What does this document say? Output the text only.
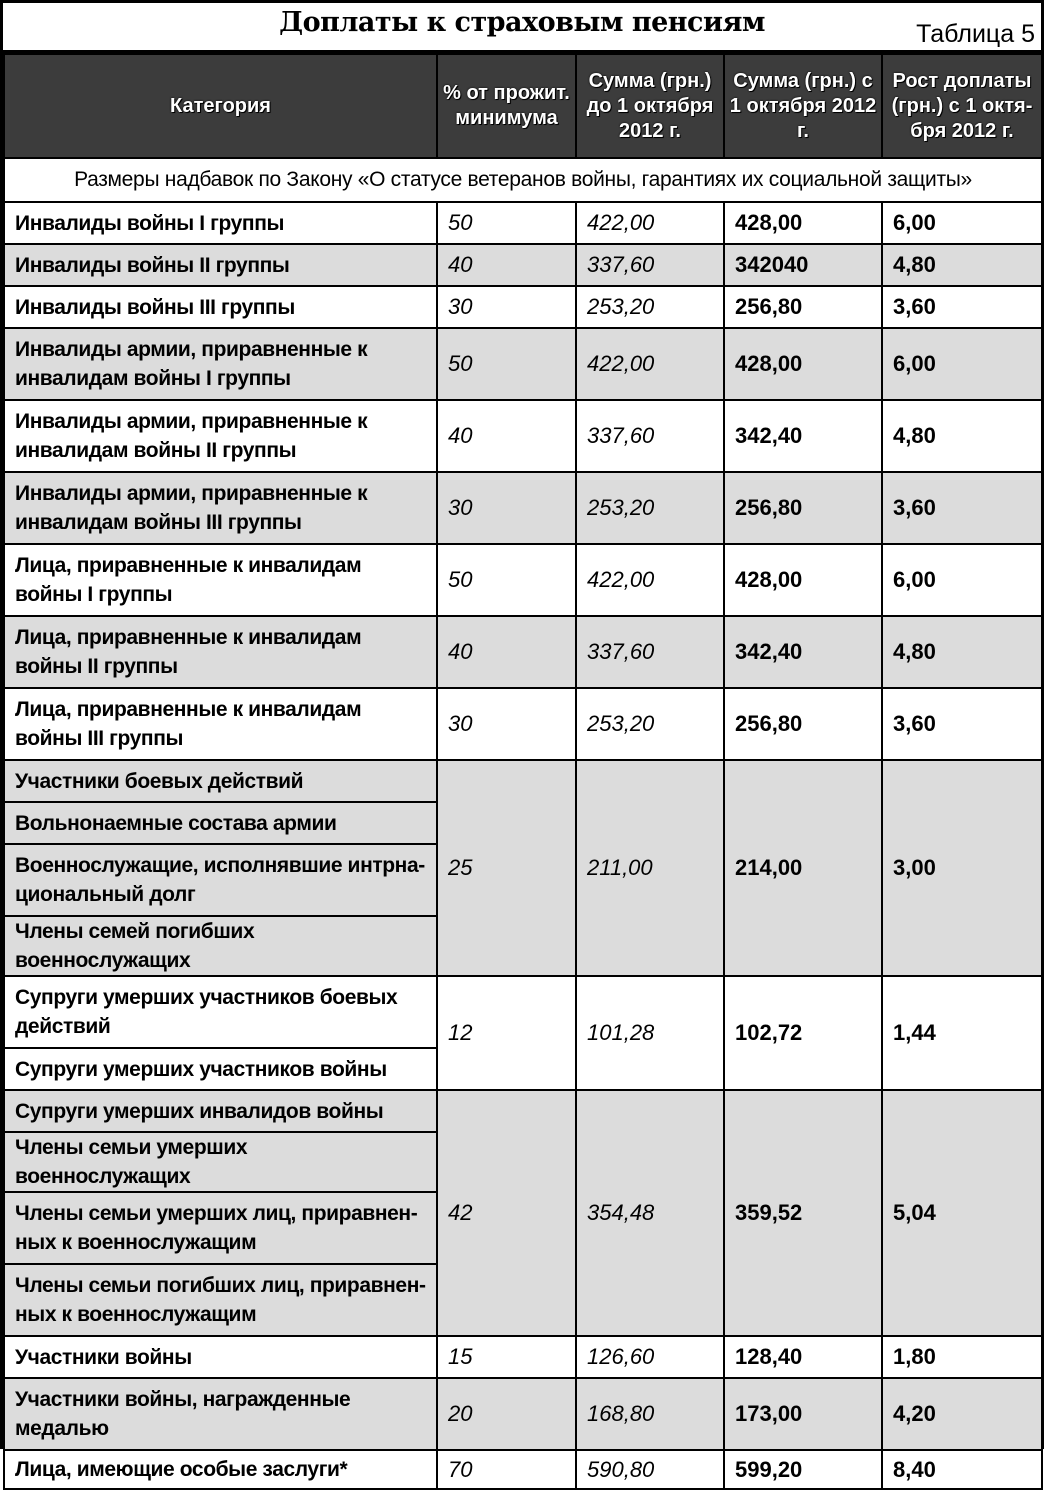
Доплаты к страховым пенсиям	Таблица 5
Категория	% от прожит. минимума	Сумма (грн.) до 1 октября 2012 г.	Сумма (грн.) с 1 октября 2012 г.	Рост доплаты (грн.) с 1 октя-бря 2012 г.
Размеры надбавок по Закону «О статусе ветеранов войны, гарантиях их социальной защиты»				
Инвалиды войны I группы	50	422,00	428,00	6,00
Инвалиды войны II группы	40	337,60	342040	4,80
Инвалиды войны III группы	30	253,20	256,80	3,60
Инвалиды армии, приравненные к инвалидам войны I группы	50	422,00	428,00	6,00
Инвалиды армии, приравненные к инвалидам войны II группы	40	337,60	342,40	4,80
Инвалиды армии, приравненные к инвалидам войны III группы	30	253,20	256,80	3,60
Лица, приравненные к инвалидам войны I группы	50	422,00	428,00	6,00
Лица, приравненные к инвалидам войны II группы	40	337,60	342,40	4,80
Лица, приравненные к инвалидам войны III группы	30	253,20	256,80	3,60
Участники боевых действий	25	211,00	214,00	3,00
Вольнонаемные состава армии				
Военнослужащие, исполнявшие интрна-циональный долг				
Члены семей погибших военнослужащих				
Супруги умерших участников боевых действий	12	101,28	102,72	1,44
Супруги умерших участников войны				
Супруги умерших инвалидов войны	42	354,48	359,52	5,04
Члены семьи умерших военнослужащих				
Члены семьи умерших лиц, приравнен-ных к военнослужащим				
Члены семьи погибших лиц, приравнен-ных к военнослужащим				
Участники войны	15	126,60	128,40	1,80
Участники войны, награжденные медалью	20	168,80	173,00	4,20
Лица, имеющие особые заслуги*	70	590,80	599,20	8,40
